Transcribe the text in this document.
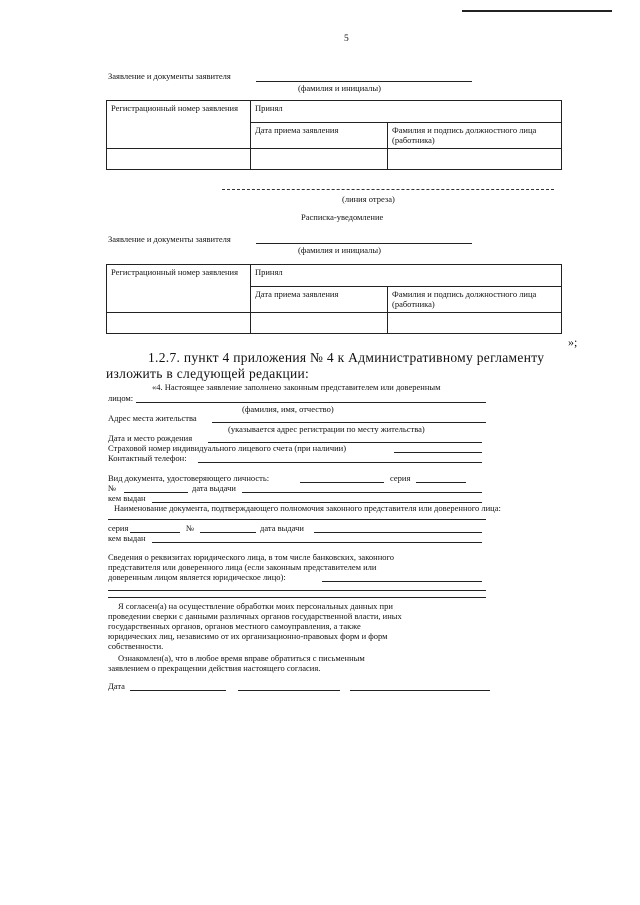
5
Заявление и документы заявителя
(фамилия и инициалы)
Регистрационный номер заявления	Принял	
	Дата приема заявления	Фамилия и подпись должностного лица (работника)

(линия отреза)
Расписка-уведомление
Заявление и документы заявителя
(фамилия и инициалы)
Регистрационный номер заявления	Принял	
	Дата приема заявления	Фамилия и подпись должностного лица (работника)

»;
1.2.7. пункт 4 приложения № 4 к Административному регламенту
изложить в следующей редакции:
«4. Настоящее заявление заполнено законным представителем или доверенным
лицом:
(фамилия, имя, отчество)
Адрес места жительства
(указывается адрес регистрации по месту жительства)
Дата и место рождения
Страховой номер индивидуального лицевого счета (при наличии)
Контактный телефон:
Вид документа, удостоверяющего личность:	серия
№	дата выдачи
кем выдан
Наименование документа, подтверждающего полномочия законного представителя или доверенного лица:
серия	№	дата выдачи
кем выдан
Сведения о реквизитах юридического лица, в том числе банковских, законного
представителя или доверенного лица (если законным представителем или
доверенным лицом является юридическое лицо):
Я согласен(а) на осуществление обработки моих персональных данных при
проведении сверки с данными различных органов государственной власти, иных
государственных органов, органов местного самоуправления, а также
юридических лиц, независимо от их организационно-правовых форм и форм
собственности.
Ознакомлен(а), что в любое время вправе обратиться с письменным
заявлением о прекращении действия настоящего согласия.
Дата
